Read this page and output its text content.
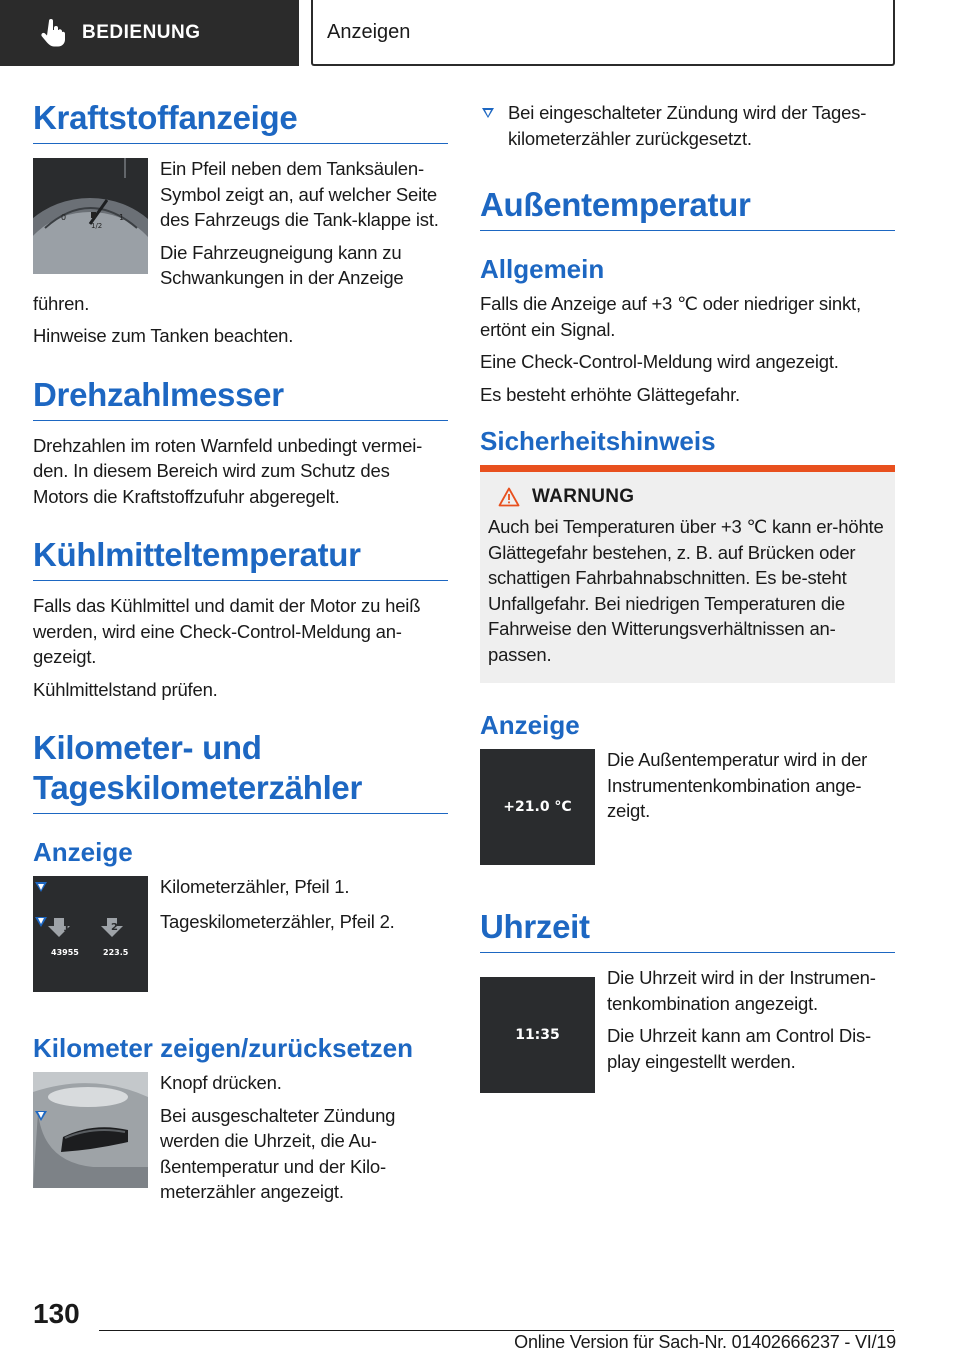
BEDIENUNG	Anzeigen
Kraftstoffanzeige
0
1/2
1

Ein Pfeil neben dem Tanksäulen-Symbol zeigt an, auf welcher Seite des Fahrzeugs die Tank-klappe ist.

Die Fahrzeugneigung kann zu Schwankungen in der Anzeige führen.

Hinweise zum Tanken beachten.

Drehzahlmesser

Drehzahlen im roten Warnfeld unbedingt vermei-den. In diesem Bereich wird zum Schutz des Motors die Kraftstoffzufuhr abgeregelt.

Kühlmitteltemperatur

Falls das Kühlmittel und damit der Motor zu heiß werden, wird eine Check-Control-Meldung an-gezeigt.

Kühlmittelstand prüfen.

Kilometer- und Tageskilometerzähler
Anzeige
1	2
43955	223.5
Kilometerzähler, Pfeil 1.
Tageskilometerzähler, Pfeil 2.
Kilometer zeigen/zurücksetzen

Knopf drücken.

Bei ausgeschalteter Zündung werden die Uhrzeit, die Au-ßentemperatur und der Kilo-meterzähler angezeigt.
Bei eingeschalteter Zündung wird der Tages-kilometerzähler zurückgesetzt.
Außentemperatur
Allgemein

Falls die Anzeige auf +3 ℃ oder niedriger sinkt, ertönt ein Signal.

Eine Check-Control-Meldung wird angezeigt.

Es besteht erhöhte Glättegefahr.

Sicherheitshinweis
WARNUNG

Auch bei Temperaturen über +3 ℃ kann er-höhte Glättegefahr bestehen, z. B. auf Brücken oder schattigen Fahrbahnabschnitten. Es be-steht Unfallgefahr. Bei niedrigen Temperaturen die Fahrweise den Witterungsverhältnissen an-passen.

Anzeige
+21.0 °C

Die Außentemperatur wird in der Instrumentenkombination ange-zeigt.

Uhrzeit
11:35

Die Uhrzeit wird in der Instrumen-tenkombination angezeigt.

Die Uhrzeit kann am Control Dis-play eingestellt werden.

130
Online Version für Sach-Nr. 01402666237 - VI/19
